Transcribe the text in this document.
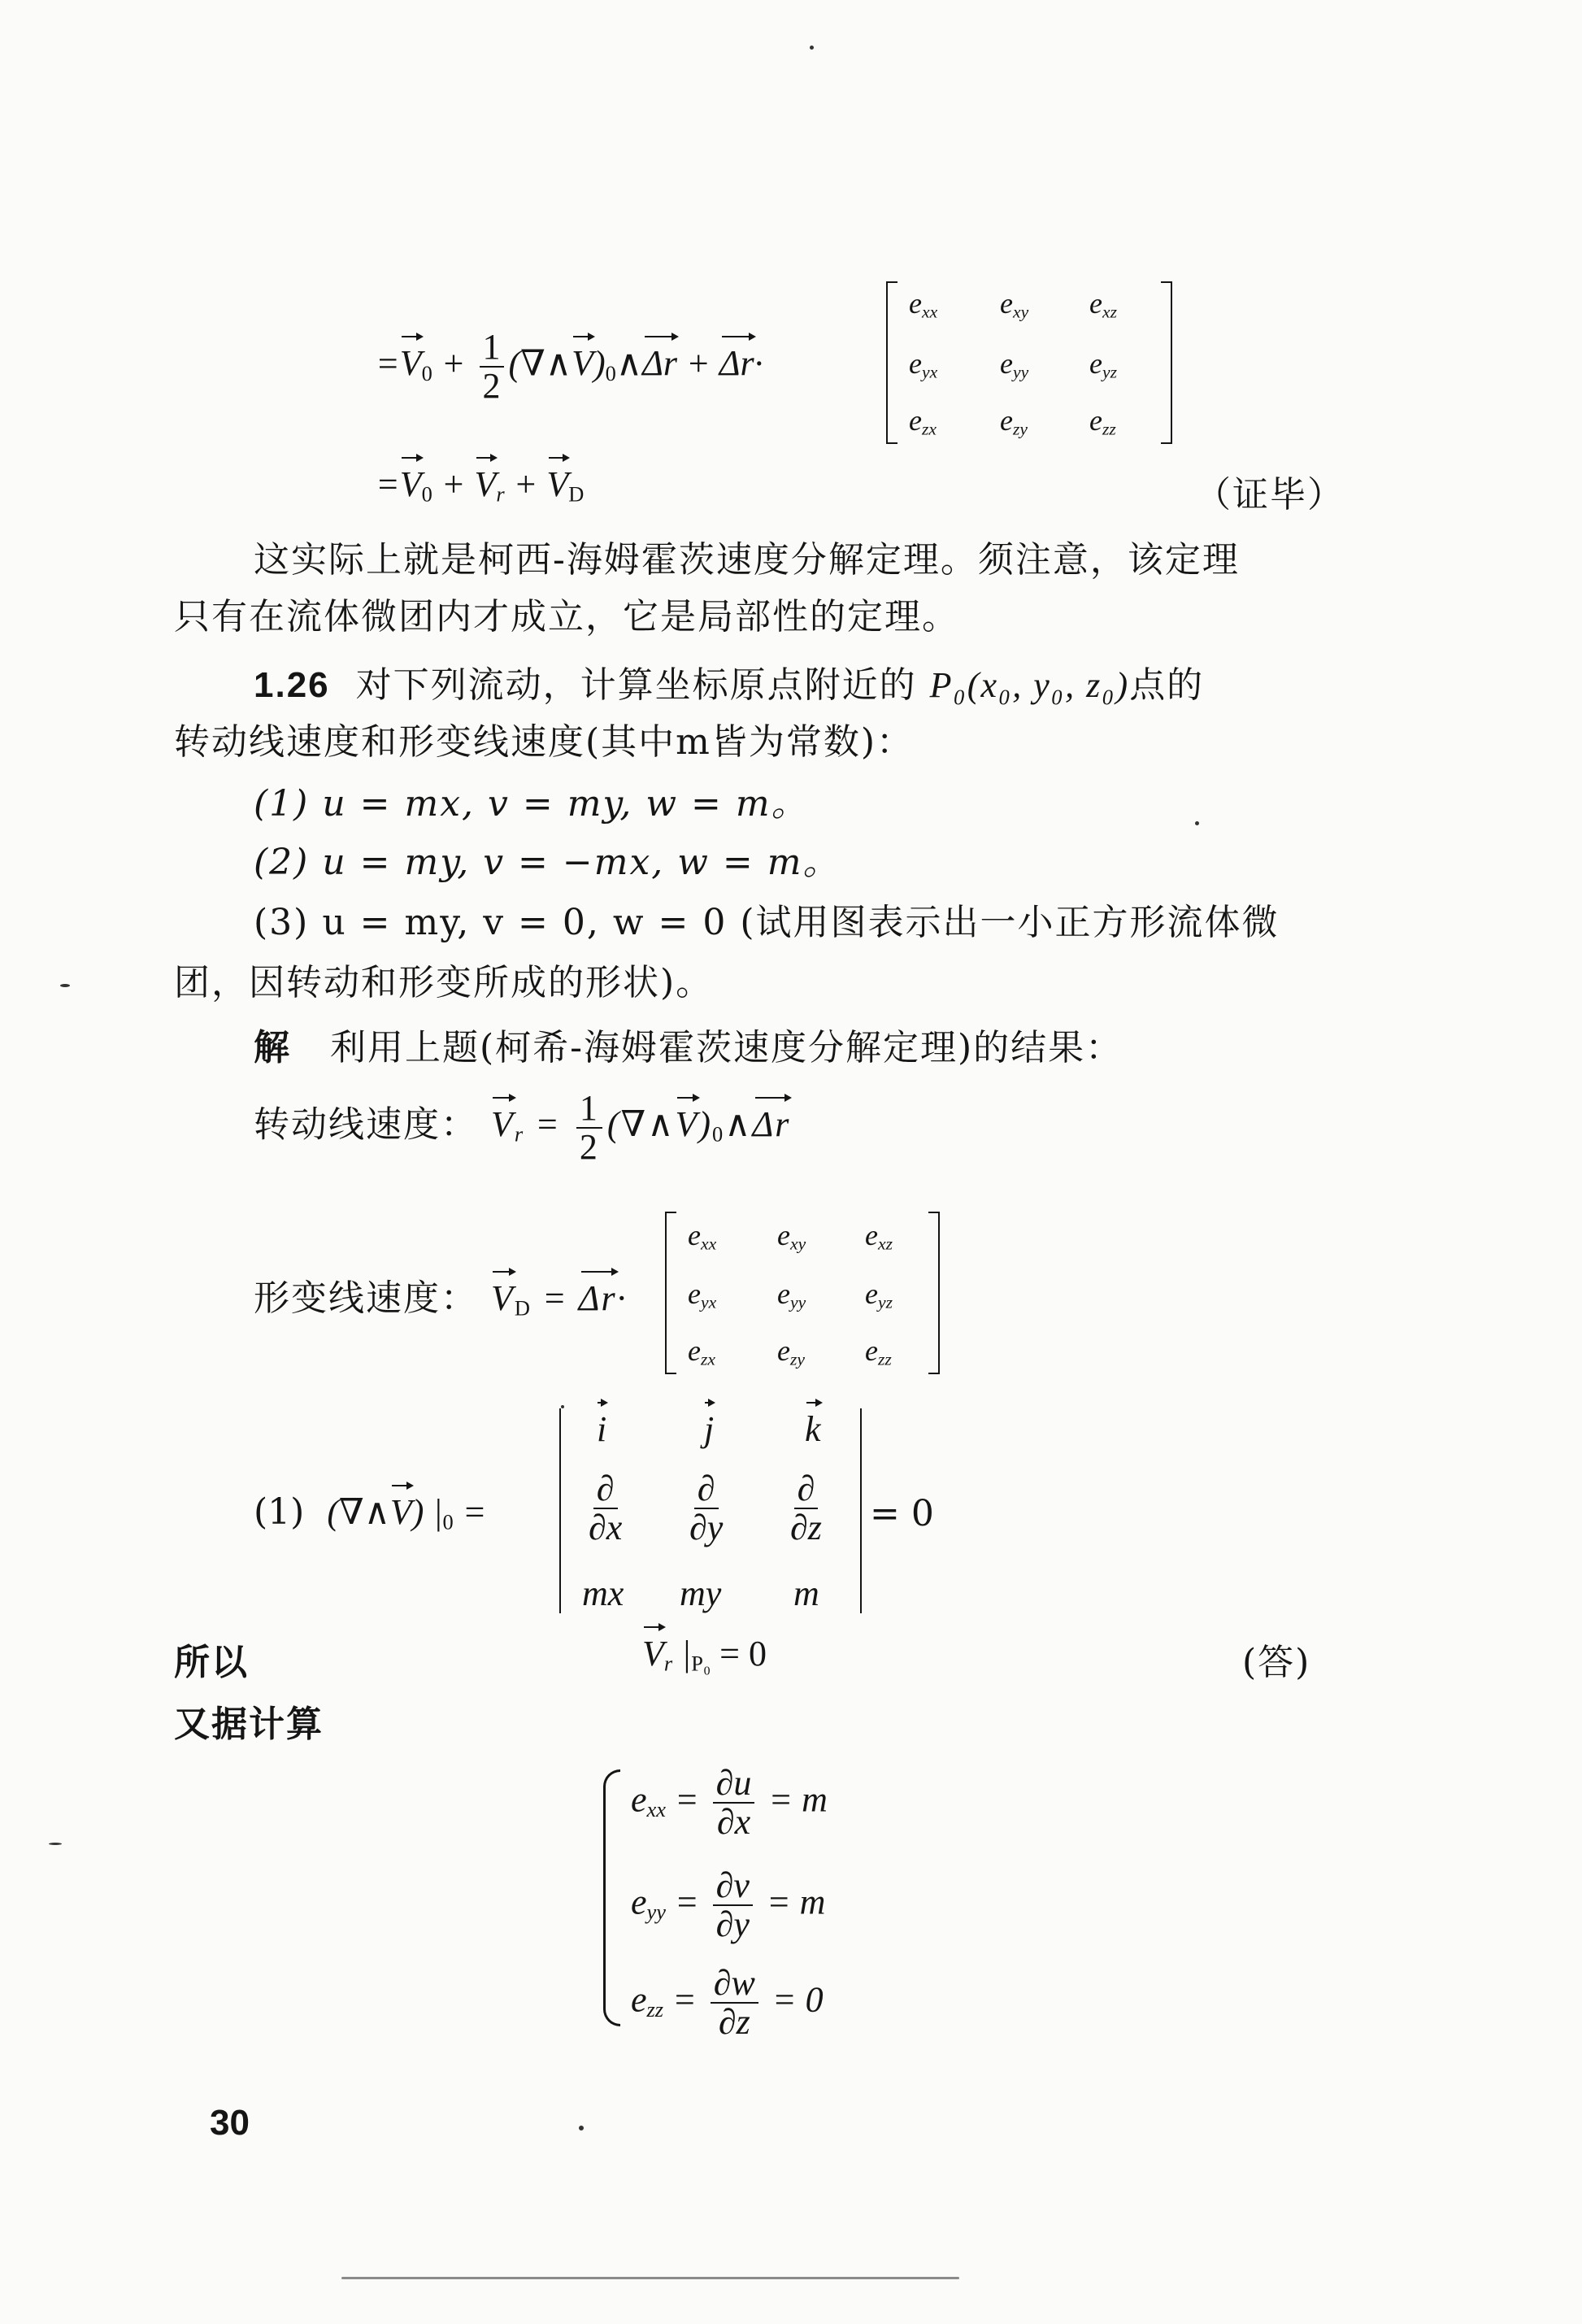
$=V_0 + \frac{1}{2}$ $(\nabla\wedge V)_0\wedge\Delta r + \Delta r\cdot$
$e_{xx}$ $e_{xy}$ $e_{xz}$
$e_{yx}$ $e_{yy}$ $e_{yz}$
$e_{zx}$ $e_{zy}$ $e_{zz}$
$=V_0 + V_r + V_D$	（证毕）
这实际上就是柯西-海姆霍茨速度分解定理。须注意，该定理
只有在流体微团内才成立，它是局部性的定理。
1.26 对下列流动，计算坐标原点附近的 P₀(x₀, y₀, z₀)点的
转动线速度和形变线速度(其中m皆为常数)：
(1) u = mx, v = my, w = m。
(2) u = my, v = −mx, w = m。
(3) u = my, v = 0, w = 0 (试用图表示出一小正方形流体微
团，因转动和形变所成的形状)。
解 利用上题(柯希-海姆霍茨速度分解定理)的结果：
转动线速度： $V_r = \frac{1}{2}$ $(\nabla\wedge V)_0\wedge\Delta r$
形变线速度： $V_D = \Delta r\cdot$
$e_{xx}$ $e_{xy}$ $e_{xz}$
$e_{yx}$ $e_{yy}$ $e_{yz}$
$e_{zx}$ $e_{zy}$ $e_{zz}$
(1) (∇∧V) $|_0$ =
i	j	k
$\frac{\partial}{\partial x} \frac{\partial}{\partial y} \frac{\partial}{\partial z}$
mx my m
= 0
所以	$V_r$ $|_{P_0} = 0$	(答)
又据计算
$e_{xx} = \frac{\partial u}{\partial x} = m$
$e_{yy} = \frac{\partial v}{\partial y} = m$
$e_{zz} = \frac{\partial w}{\partial z} = 0$
30
